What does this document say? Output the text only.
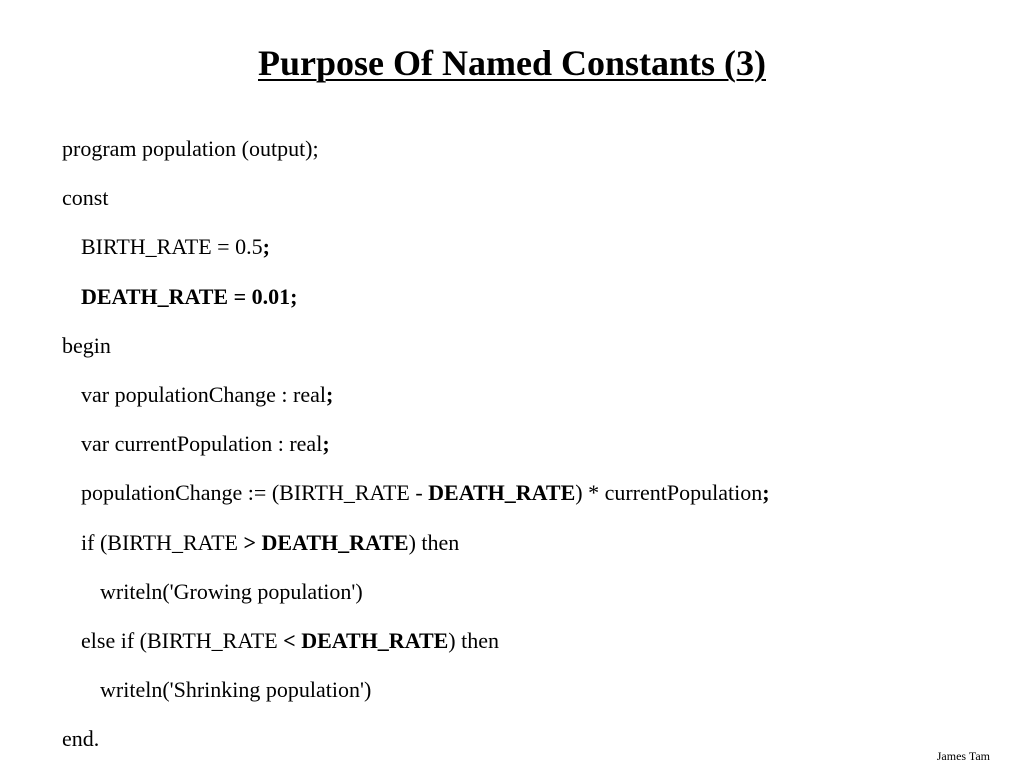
Purpose Of Named Constants (3)
program population (output);
const
BIRTH_RATE = 0.5;
DEATH_RATE = 0.01;
begin
var populationChange : real;
var currentPopulation : real;
populationChange := (BIRTH_RATE - DEATH_RATE) * currentPopulation;
if (BIRTH_RATE > DEATH_RATE) then
writeln('Growing population')
else if (BIRTH_RATE < DEATH_RATE) then
writeln('Shrinking population')
end.
James Tam
